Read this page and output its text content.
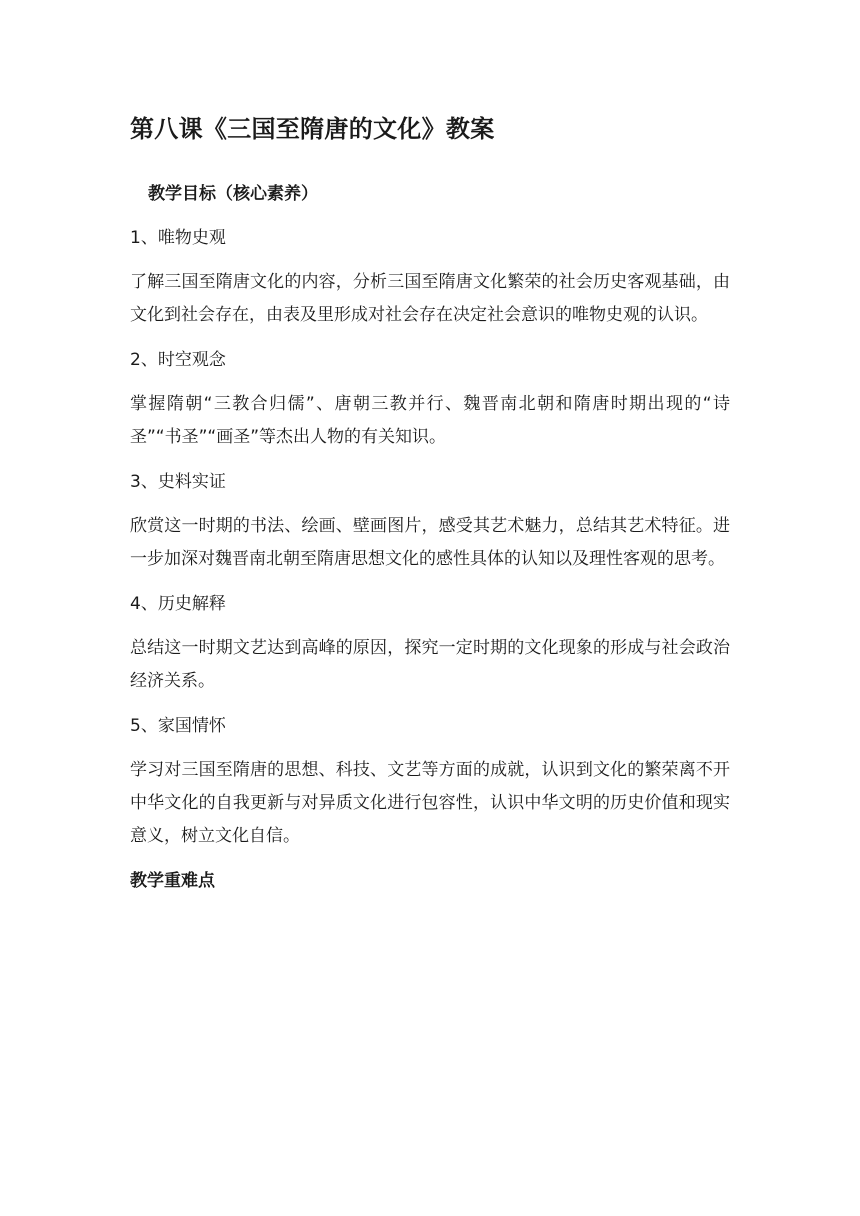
第八课《三国至隋唐的文化》教案
教学目标（核心素养）
1、唯物史观

了解三国至隋唐文化的内容，分析三国至隋唐文化繁荣的社会历史客观基础，由文化到社会存在，由表及里形成对社会存在决定社会意识的唯物史观的认识。

2、时空观念

掌握隋朝“三教合归儒”、唐朝三教并行、魏晋南北朝和隋唐时期出现的“诗圣”“书圣”“画圣”等杰出人物的有关知识。

3、史料实证

欣赏这一时期的书法、绘画、壁画图片，感受其艺术魅力，总结其艺术特征。进一步加深对魏晋南北朝至隋唐思想文化的感性具体的认知以及理性客观的思考。

4、历史解释

总结这一时期文艺达到高峰的原因，探究一定时期的文化现象的形成与社会政治经济关系。

5、家国情怀

学习对三国至隋唐的思想、科技、文艺等方面的成就，认识到文化的繁荣离不开中华文化的自我更新与对异质文化进行包容性，认识中华文明的历史价值和现实意义，树立文化自信。

教学重难点
